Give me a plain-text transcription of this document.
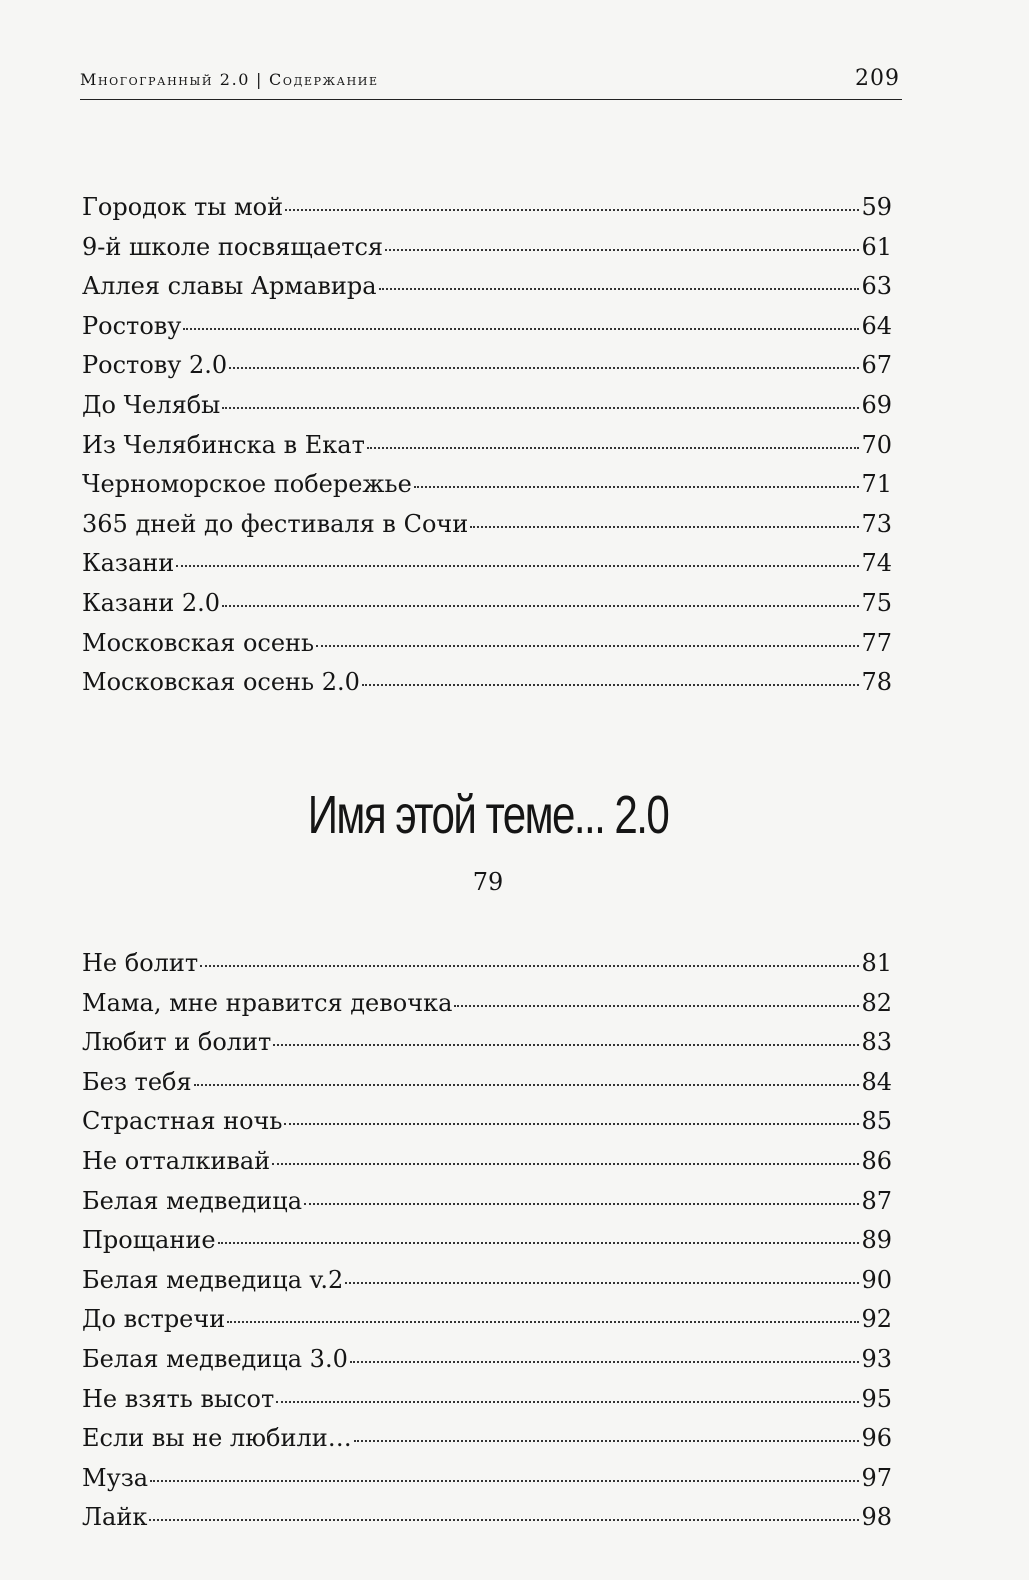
Многогранный 2.0 | Содержание	209
Городок ты мой	59
9-й школе посвящается	61
Аллея славы Армавира	63
Ростову	64
Ростову 2.0	67
До Челябы	69
Из Челябинска в Екат	70
Черноморское побережье	71
365 дней до фестиваля в Сочи	73
Казани	74
Казани 2.0	75
Московская осень	77
Московская осень 2.0	78
Имя этой теме... 2.0
79
Не болит	81
Мама, мне нравится девочка	82
Любит и болит	83
Без тебя	84
Страстная ночь	85
Не отталкивай	86
Белая медведица	87
Прощание	89
Белая медведица v.2	90
До встречи	92
Белая медведица 3.0	93
Не взять высот	95
Если вы не любили…	96
Муза	97
Лайк	98
